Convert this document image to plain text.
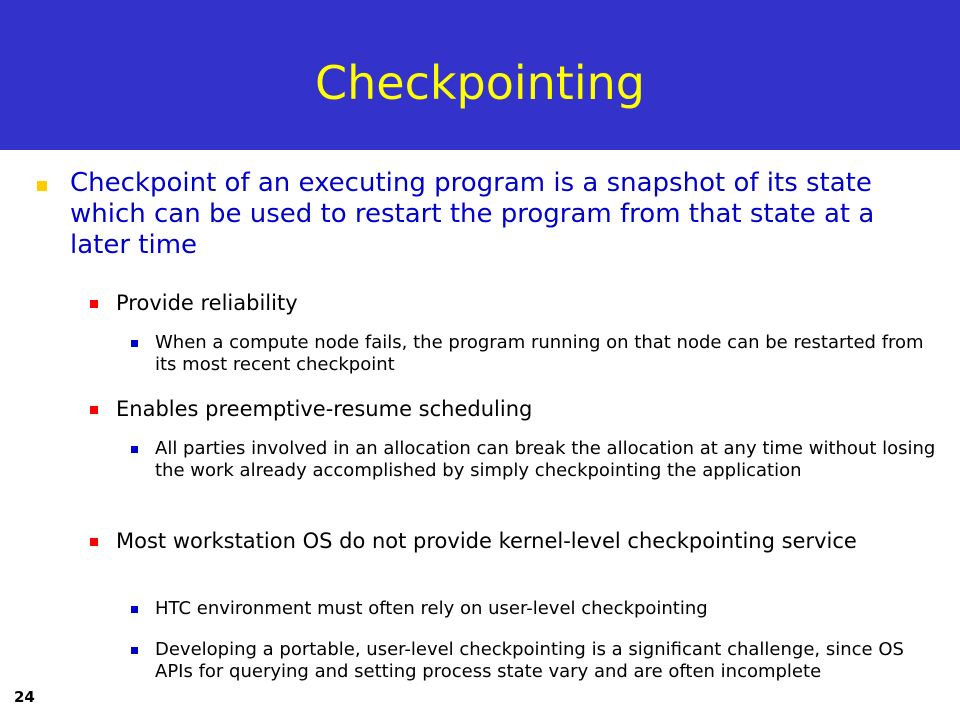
Checkpointing
Checkpoint of an executing program is a snapshot of its state which can be used to restart the program from that state at a later time
Provide reliability
When a compute node fails, the program running on that node can be restarted from its most recent checkpoint
Enables preemptive-resume scheduling
All parties involved in an allocation can break the allocation at any time without losing the work already accomplished by simply checkpointing the application
Most workstation OS do not provide kernel-level checkpointing service
HTC environment must often rely on user-level checkpointing
Developing a portable, user-level checkpointing is a significant challenge, since OS APIs for querying and setting process state vary and are often incomplete
24
